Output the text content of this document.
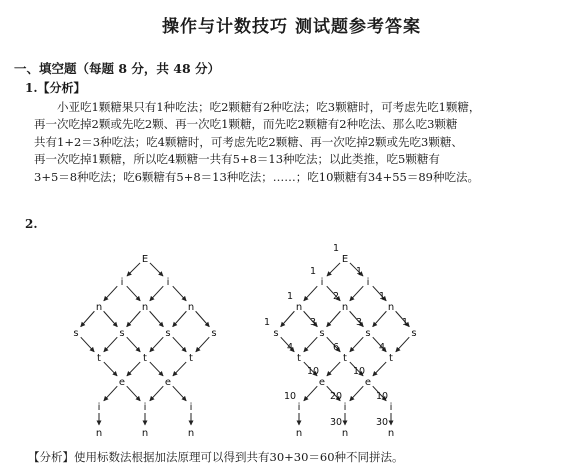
操作与计数技巧 测试题参考答案
一、填空题（每题 8 分，共 48 分）
1.【分析】

小亚吃1颗糖果只有1种吃法；吃2颗糖有2种吃法；吃3颗糖时，可考虑先吃1颗糖，

再一次吃掉2颗或先吃2颗、再一次吃1颗糖，而先吃2颗糖有2种吃法、那么吃3颗糖

共有1+2＝3种吃法；吃4颗糖时，可考虑先吃2颗糖、再一次吃掉2颗或先吃3颗糖、

再一次吃掉1颗糖，所以吃4颗糖一共有5+8＝13种吃法；以此类推，吃5颗糖有

3+5＝8种吃法；吃6颗糖有5+8＝13种吃法；……；吃10颗糖有34+55＝89种吃法。

2.
E
i	i
n	n	n
s	s	s	s
t	t	t
e	e
i	i	i
n	n	n
E
i	i
n	n	n
s	s	s	s
t	t	t
e	e
i	i	i
n	n	n
1
1	1
1	2	1
1	3	3	1
4	6	4
10	10
20
10	10
30	30
【分析】使用标数法根据加法原理可以得到共有30+30＝60种不同拼法。
